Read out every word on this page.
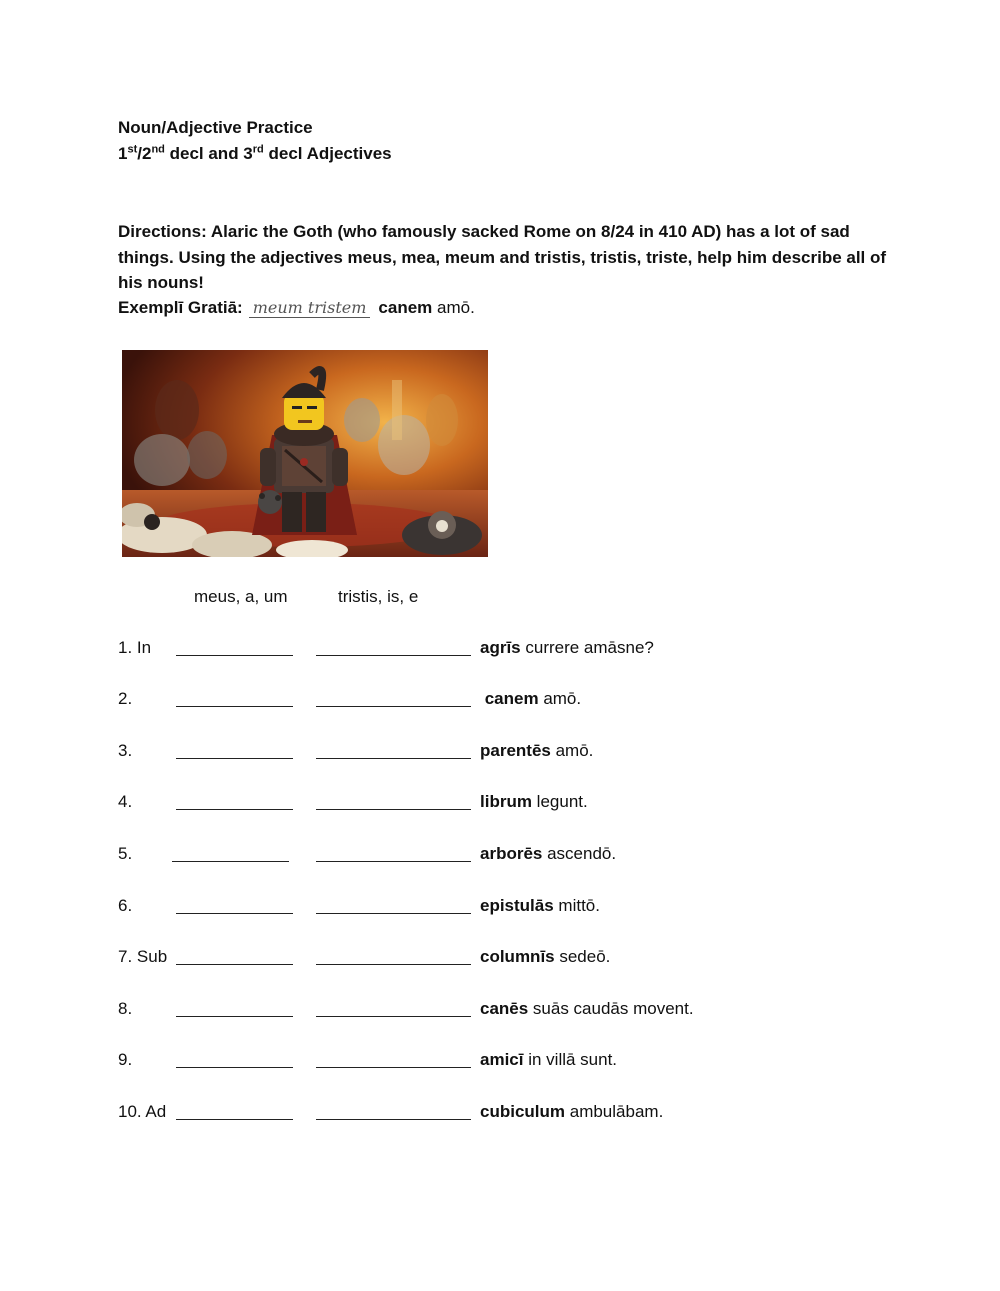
Noun/Adjective Practice
1st/2nd decl and 3rd decl Adjectives
Directions: Alaric the Goth (who famously sacked Rome on 8/24 in 410 AD) has a lot of sad things. Using the adjectives meus, mea, meum and tristis, tristis, triste, help him describe all of his nouns!
Exemplī Gratiā: meum tristem canem amō.
meus, a, um	tristis, is, e
1. In	agrīs currere amāsne?
2.	canem amō.
3.	parentēs amō.
4.	librum legunt.
5.	arborēs ascendō.
6.	epistulās mittō.
7. Sub	columnīs sedeō.
8.	canēs suās caudās movent.
9.	amicī in villā sunt.
10. Ad	cubiculum ambulābam.
